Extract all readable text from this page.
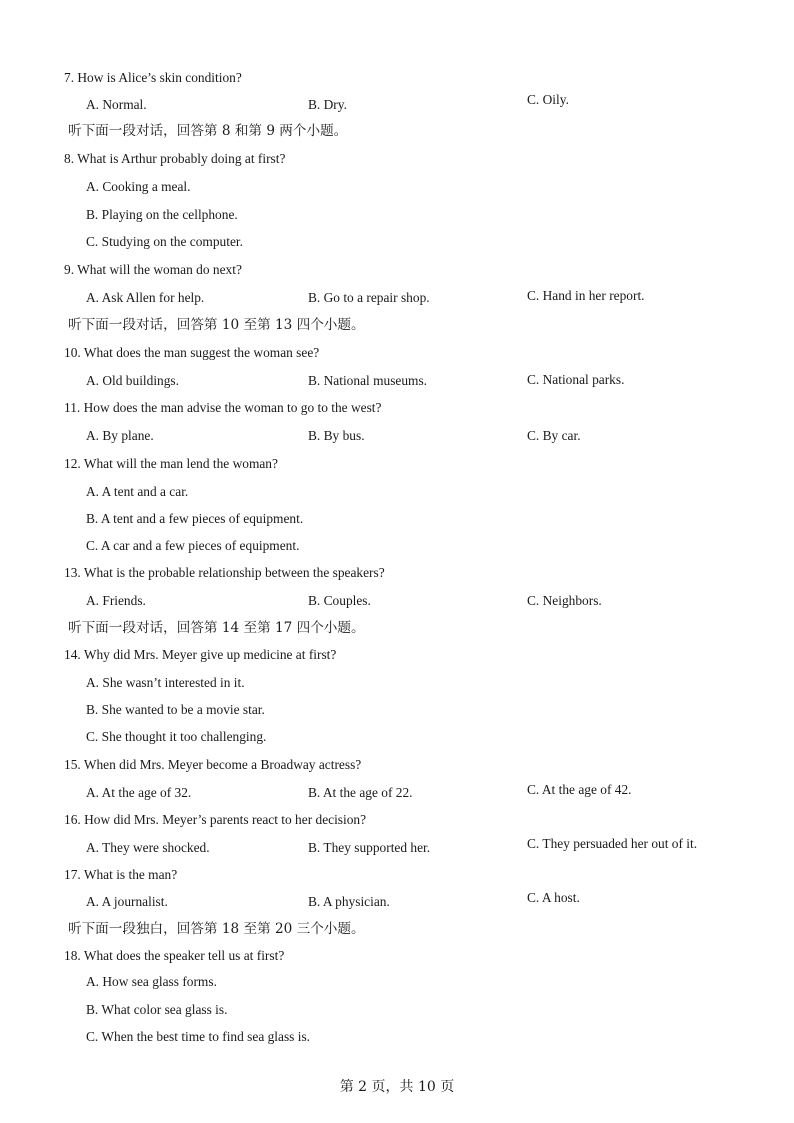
7. How is Alice’s skin condition?
A. Normal.	B. Dry.	C. Oily.
听下面一段对话，回答第 8 和第 9 两个小题。
8. What is Arthur probably doing at first?
A. Cooking a meal.
B. Playing on the cellphone.
C. Studying on the computer.
9. What will the woman do next?
A. Ask Allen for help.	B. Go to a repair shop.	C. Hand in her report.
听下面一段对话，回答第 10 至第 13 四个小题。
10. What does the man suggest the woman see?
A. Old buildings.	B. National museums.	C. National parks.
11. How does the man advise the woman to go to the west?
A. By plane.	B. By bus.	C. By car.
12. What will the man lend the woman?
A. A tent and a car.
B. A tent and a few pieces of equipment.
C. A car and a few pieces of equipment.
13. What is the probable relationship between the speakers?
A. Friends.	B. Couples.	C. Neighbors.
听下面一段对话，回答第 14 至第 17 四个小题。
14. Why did Mrs. Meyer give up medicine at first?
A. She wasn’t interested in it.
B. She wanted to be a movie star.
C. She thought it too challenging.
15. When did Mrs. Meyer become a Broadway actress?
A. At the age of 32.	B. At the age of 22.	C. At the age of 42.
16. How did Mrs. Meyer’s parents react to her decision?
A. They were shocked.	B. They supported her.	C. They persuaded her out of it.
17. What is the man?
A. A journalist.	B. A physician.	C. A host.
听下面一段独白，回答第 18 至第 20 三个小题。
18. What does the speaker tell us at first?
A. How sea glass forms.
B. What color sea glass is.
C. When the best time to find sea glass is.
第 2 页，共 10 页
